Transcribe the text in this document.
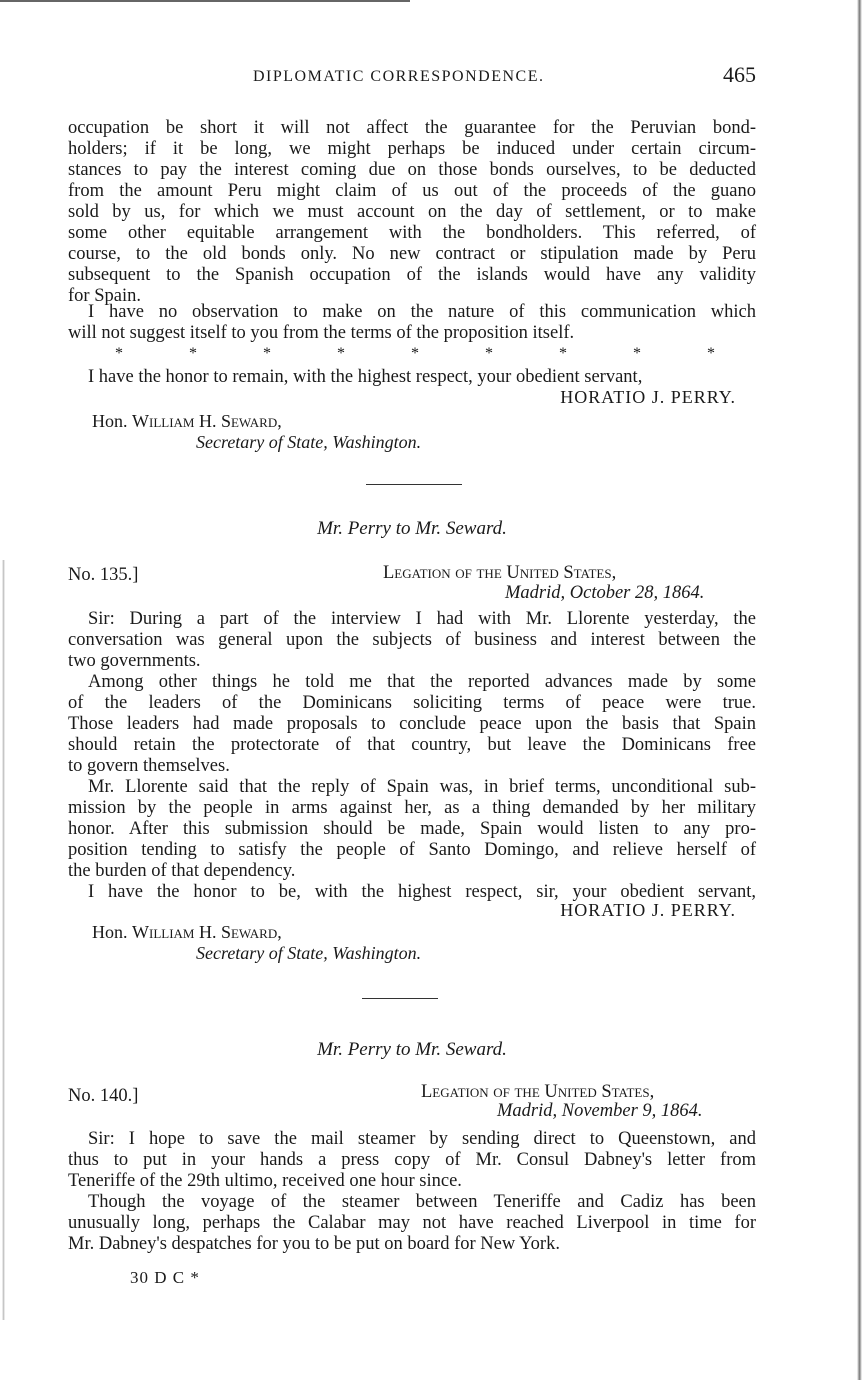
DIPLOMATIC CORRESPONDENCE.	465
occupation be short it will not affect the guarantee for the Peruvian bond-
holders; if it be long, we might perhaps be induced under certain circum-
stances to pay the interest coming due on those bonds ourselves, to be deducted
from the amount Peru might claim of us out of the proceeds of the guano
sold by us, for which we must account on the day of settlement, or to make
some other equitable arrangement with the bondholders. This referred, of
course, to the old bonds only. No new contract or stipulation made by Peru
subsequent to the Spanish occupation of the islands would have any validity
for Spain.
I have no observation to make on the nature of this communication which
will not suggest itself to you from the terms of the proposition itself.
*	*	*	*	*	*	*	*	*
I have the honor to remain, with the highest respect, your obedient servant,
HORATIO J. PERRY.
Hon. William H. Seward,
Secretary of State, Washington.
Mr. Perry to Mr. Seward.
No. 135.]	Legation of the United States,
Madrid, October 28, 1864.
Sir: During a part of the interview I had with Mr. Llorente yesterday, the
conversation was general upon the subjects of business and interest between the
two governments.
Among other things he told me that the reported advances made by some
of the leaders of the Dominicans soliciting terms of peace were true.
Those leaders had made proposals to conclude peace upon the basis that Spain
should retain the protectorate of that country, but leave the Dominicans free
to govern themselves.
Mr. Llorente said that the reply of Spain was, in brief terms, unconditional sub-
mission by the people in arms against her, as a thing demanded by her military
honor. After this submission should be made, Spain would listen to any pro-
position tending to satisfy the people of Santo Domingo, and relieve herself of
the burden of that dependency.
I have the honor to be, with the highest respect, sir, your obedient servant,
HORATIO J. PERRY.
Hon. William H. Seward,
Secretary of State, Washington.
Mr. Perry to Mr. Seward.
No. 140.]	Legation of the United States,
Madrid, November 9, 1864.
Sir: I hope to save the mail steamer by sending direct to Queenstown, and
thus to put in your hands a press copy of Mr. Consul Dabney's letter from
Teneriffe of the 29th ultimo, received one hour since.
Though the voyage of the steamer between Teneriffe and Cadiz has been
unusually long, perhaps the Calabar may not have reached Liverpool in time for
Mr. Dabney's despatches for you to be put on board for New York.
30 D C *
